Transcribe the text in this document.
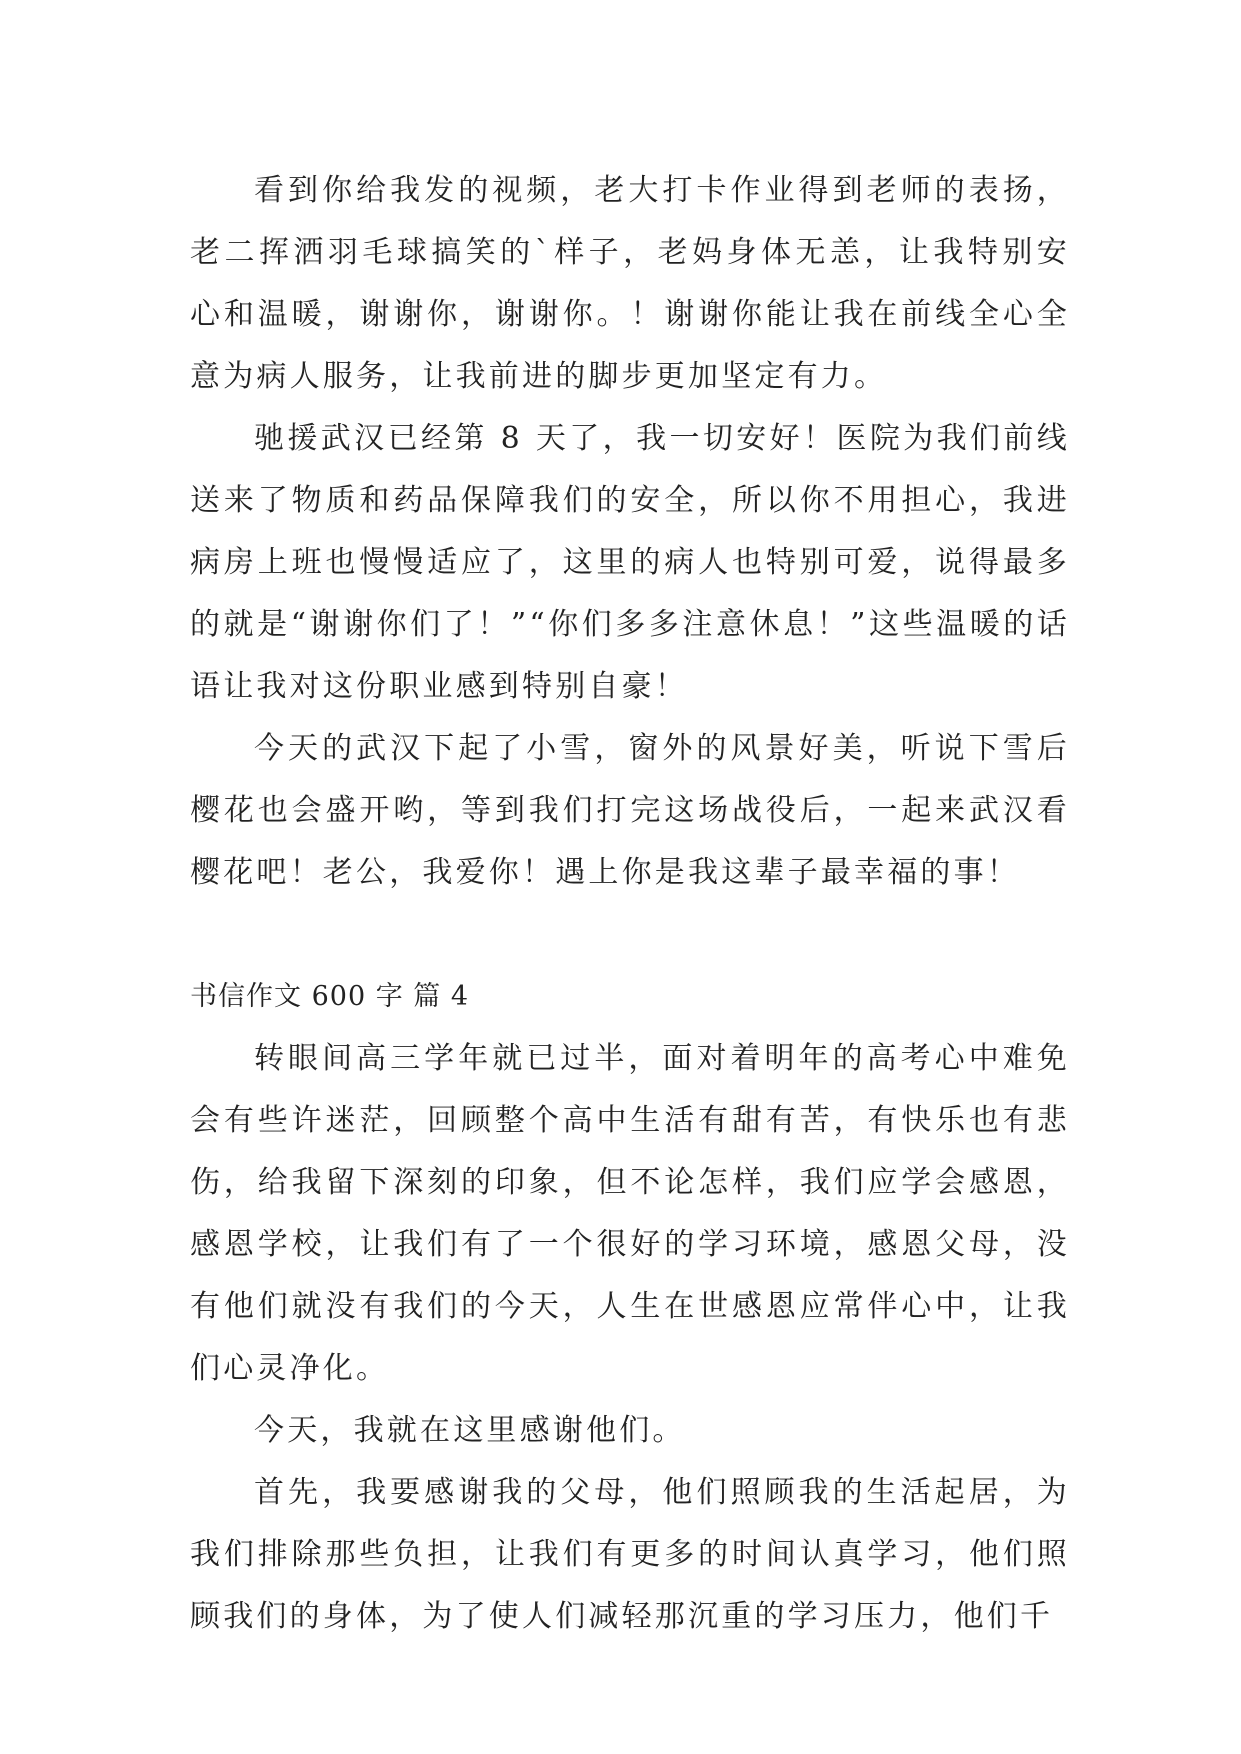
看到你给我发的视频，老大打卡作业得到老师的表扬，老二挥洒羽毛球搞笑的`样子，老妈身体无恙，让我特别安心和温暖，谢谢你，谢谢你。！谢谢你能让我在前线全心全意为病人服务，让我前进的脚步更加坚定有力。

驰援武汉已经第 8 天了，我一切安好！医院为我们前线送来了物质和药品保障我们的安全，所以你不用担心，我进病房上班也慢慢适应了，这里的病人也特别可爱，说得最多的就是“谢谢你们了！”“你们多多注意休息！”这些温暖的话语让我对这份职业感到特别自豪！

今天的武汉下起了小雪，窗外的风景好美，听说下雪后樱花也会盛开哟，等到我们打完这场战役后，一起来武汉看樱花吧！老公，我爱你！遇上你是我这辈子最幸福的事！

书信作文 600 字 篇 4

转眼间高三学年就已过半，面对着明年的高考心中难免会有些许迷茫，回顾整个高中生活有甜有苦，有快乐也有悲伤，给我留下深刻的印象，但不论怎样，我们应学会感恩，感恩学校，让我们有了一个很好的学习环境，感恩父母，没有他们就没有我们的今天，人生在世感恩应常伴心中，让我们心灵净化。

今天，我就在这里感谢他们。

首先，我要感谢我的父母，他们照顾我的生活起居，为我们排除那些负担，让我们有更多的时间认真学习，他们照顾我们的身体，为了使人们减轻那沉重的学习压力，他们千
